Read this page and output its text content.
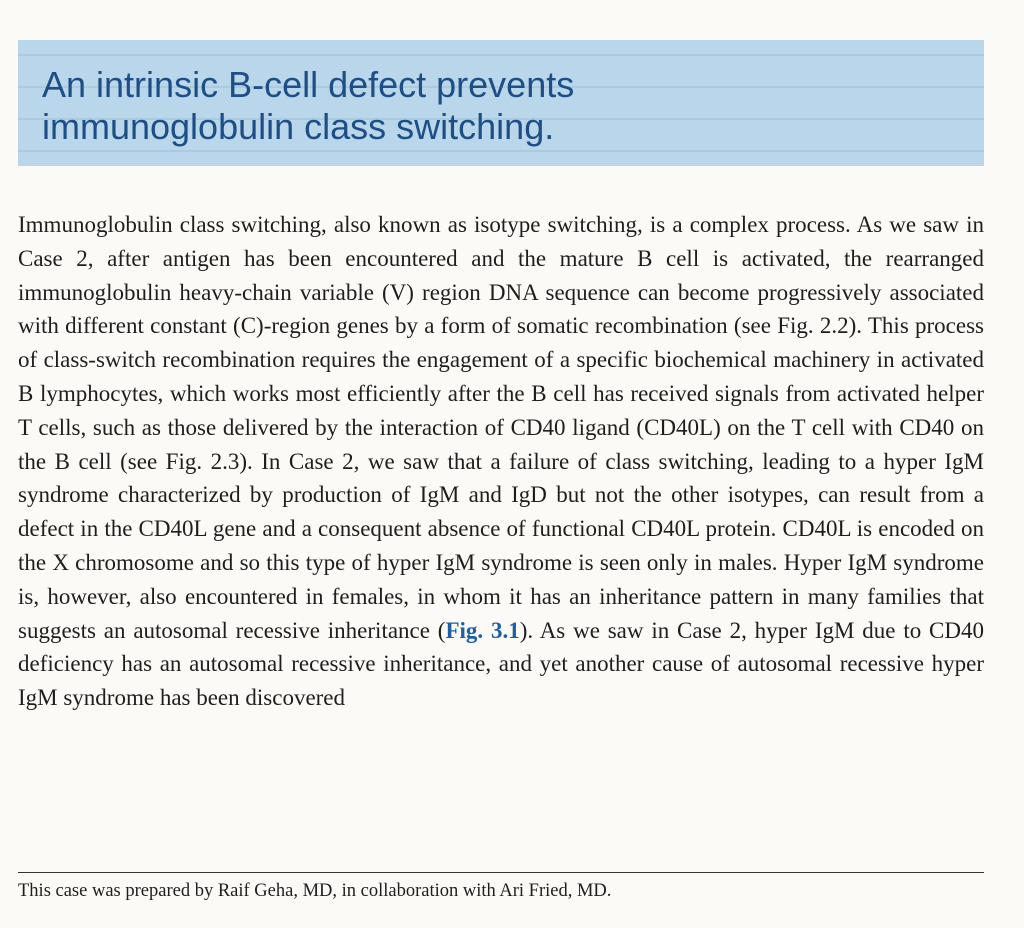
An intrinsic B-cell defect prevents
immunoglobulin class switching.

Immunoglobulin class switching, also known as isotype switching, is a complex process. As we saw in Case 2, after antigen has been encountered and the mature B cell is activated, the rearranged immunoglobulin heavy-chain variable (V) region DNA sequence can become progressively associated with different constant (C)-region genes by a form of somatic recombination (see Fig. 2.2). This process of class-switch recombination requires the engagement of a specific biochemical machinery in activated B lymphocytes, which works most efficiently after the B cell has received signals from activated helper T cells, such as those delivered by the interaction of CD40 ligand (CD40L) on the T cell with CD40 on the B cell (see Fig. 2.3). In Case 2, we saw that a failure of class switching, leading to a hyper IgM syndrome characterized by production of IgM and IgD but not the other isotypes, can result from a defect in the CD40L gene and a consequent absence of functional CD40L protein. CD40L is encoded on the X chromosome and so this type of hyper IgM syndrome is seen only in males. Hyper IgM syndrome is, however, also encountered in females, in whom it has an inheritance pattern in many families that suggests an autosomal recessive inheritance (Fig. 3.1). As we saw in Case 2, hyper IgM due to CD40 deficiency has an autosomal recessive inheritance, and yet another cause of autosomal recessive hyper IgM syndrome has been discovered

This case was prepared by Raif Geha, MD, in collaboration with Ari Fried, MD.
